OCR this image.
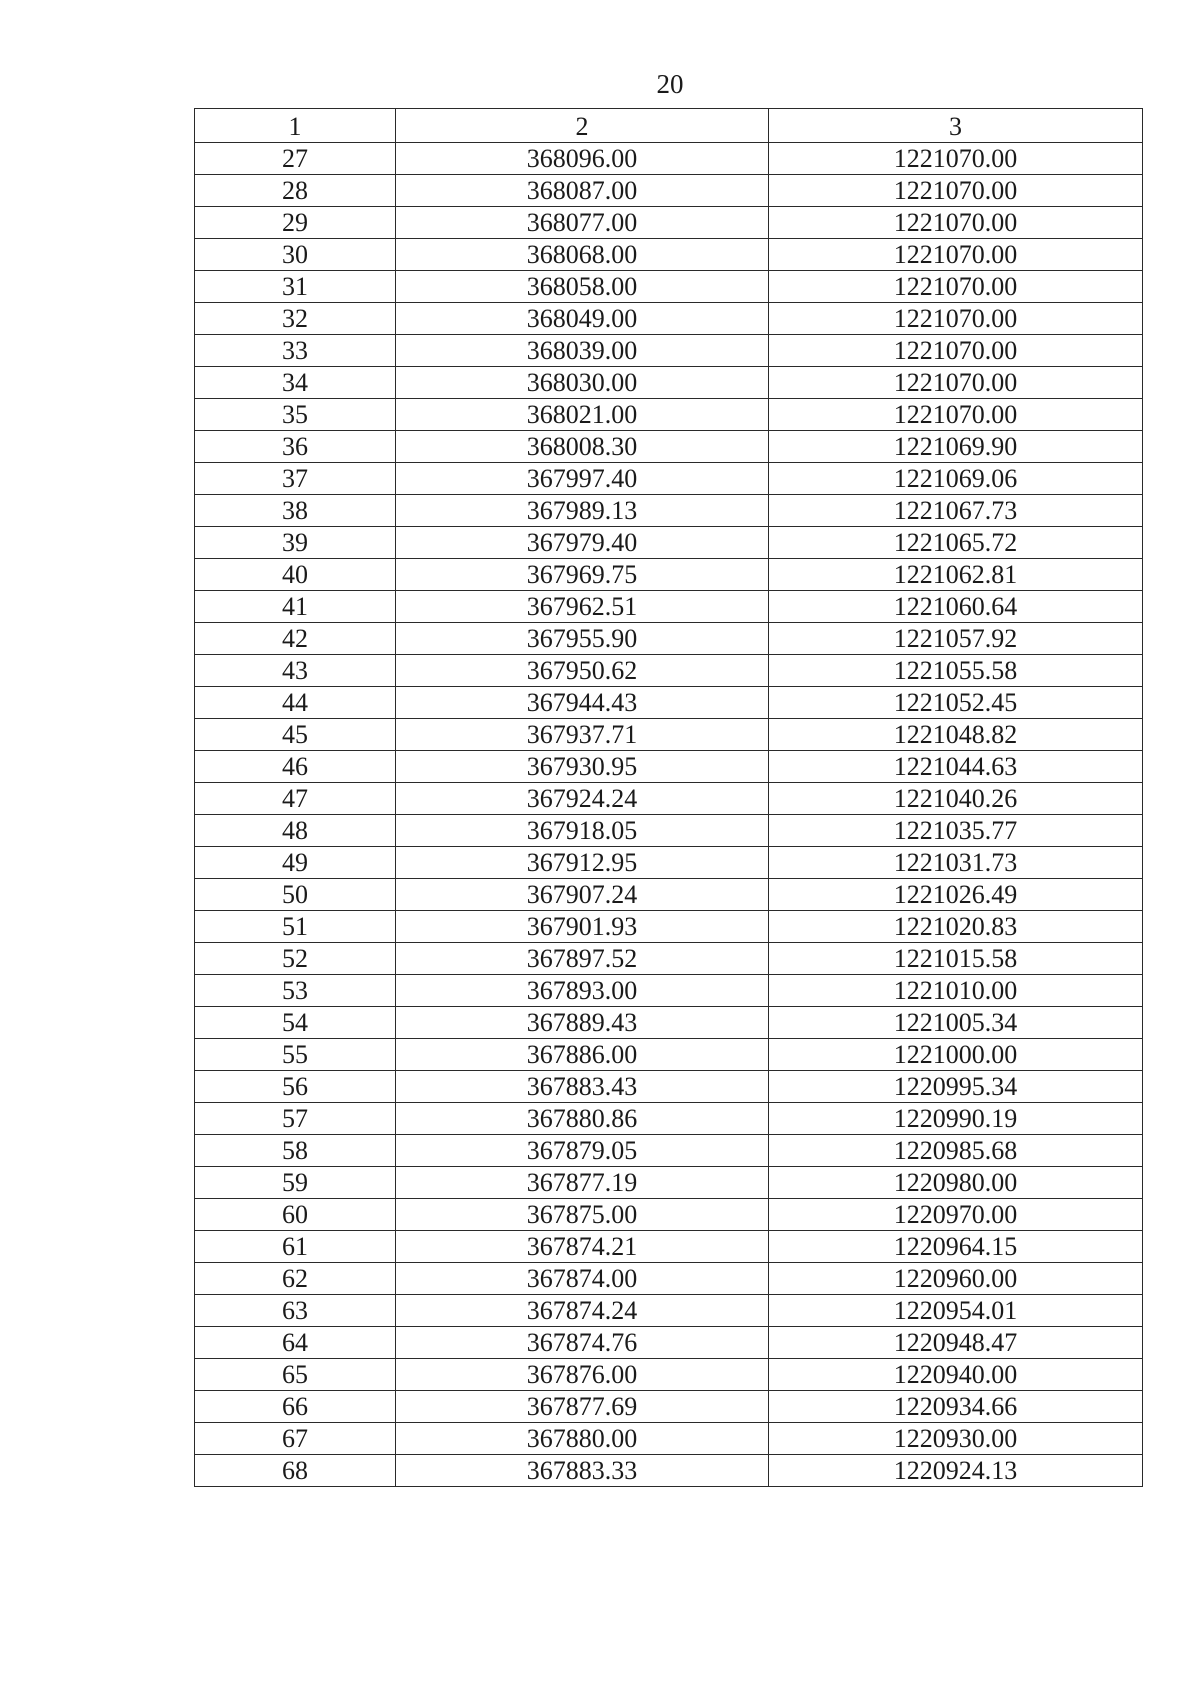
20
1	2	3
27	368096.00	1221070.00
28	368087.00	1221070.00
29	368077.00	1221070.00
30	368068.00	1221070.00
31	368058.00	1221070.00
32	368049.00	1221070.00
33	368039.00	1221070.00
34	368030.00	1221070.00
35	368021.00	1221070.00
36	368008.30	1221069.90
37	367997.40	1221069.06
38	367989.13	1221067.73
39	367979.40	1221065.72
40	367969.75	1221062.81
41	367962.51	1221060.64
42	367955.90	1221057.92
43	367950.62	1221055.58
44	367944.43	1221052.45
45	367937.71	1221048.82
46	367930.95	1221044.63
47	367924.24	1221040.26
48	367918.05	1221035.77
49	367912.95	1221031.73
50	367907.24	1221026.49
51	367901.93	1221020.83
52	367897.52	1221015.58
53	367893.00	1221010.00
54	367889.43	1221005.34
55	367886.00	1221000.00
56	367883.43	1220995.34
57	367880.86	1220990.19
58	367879.05	1220985.68
59	367877.19	1220980.00
60	367875.00	1220970.00
61	367874.21	1220964.15
62	367874.00	1220960.00
63	367874.24	1220954.01
64	367874.76	1220948.47
65	367876.00	1220940.00
66	367877.69	1220934.66
67	367880.00	1220930.00
68	367883.33	1220924.13
